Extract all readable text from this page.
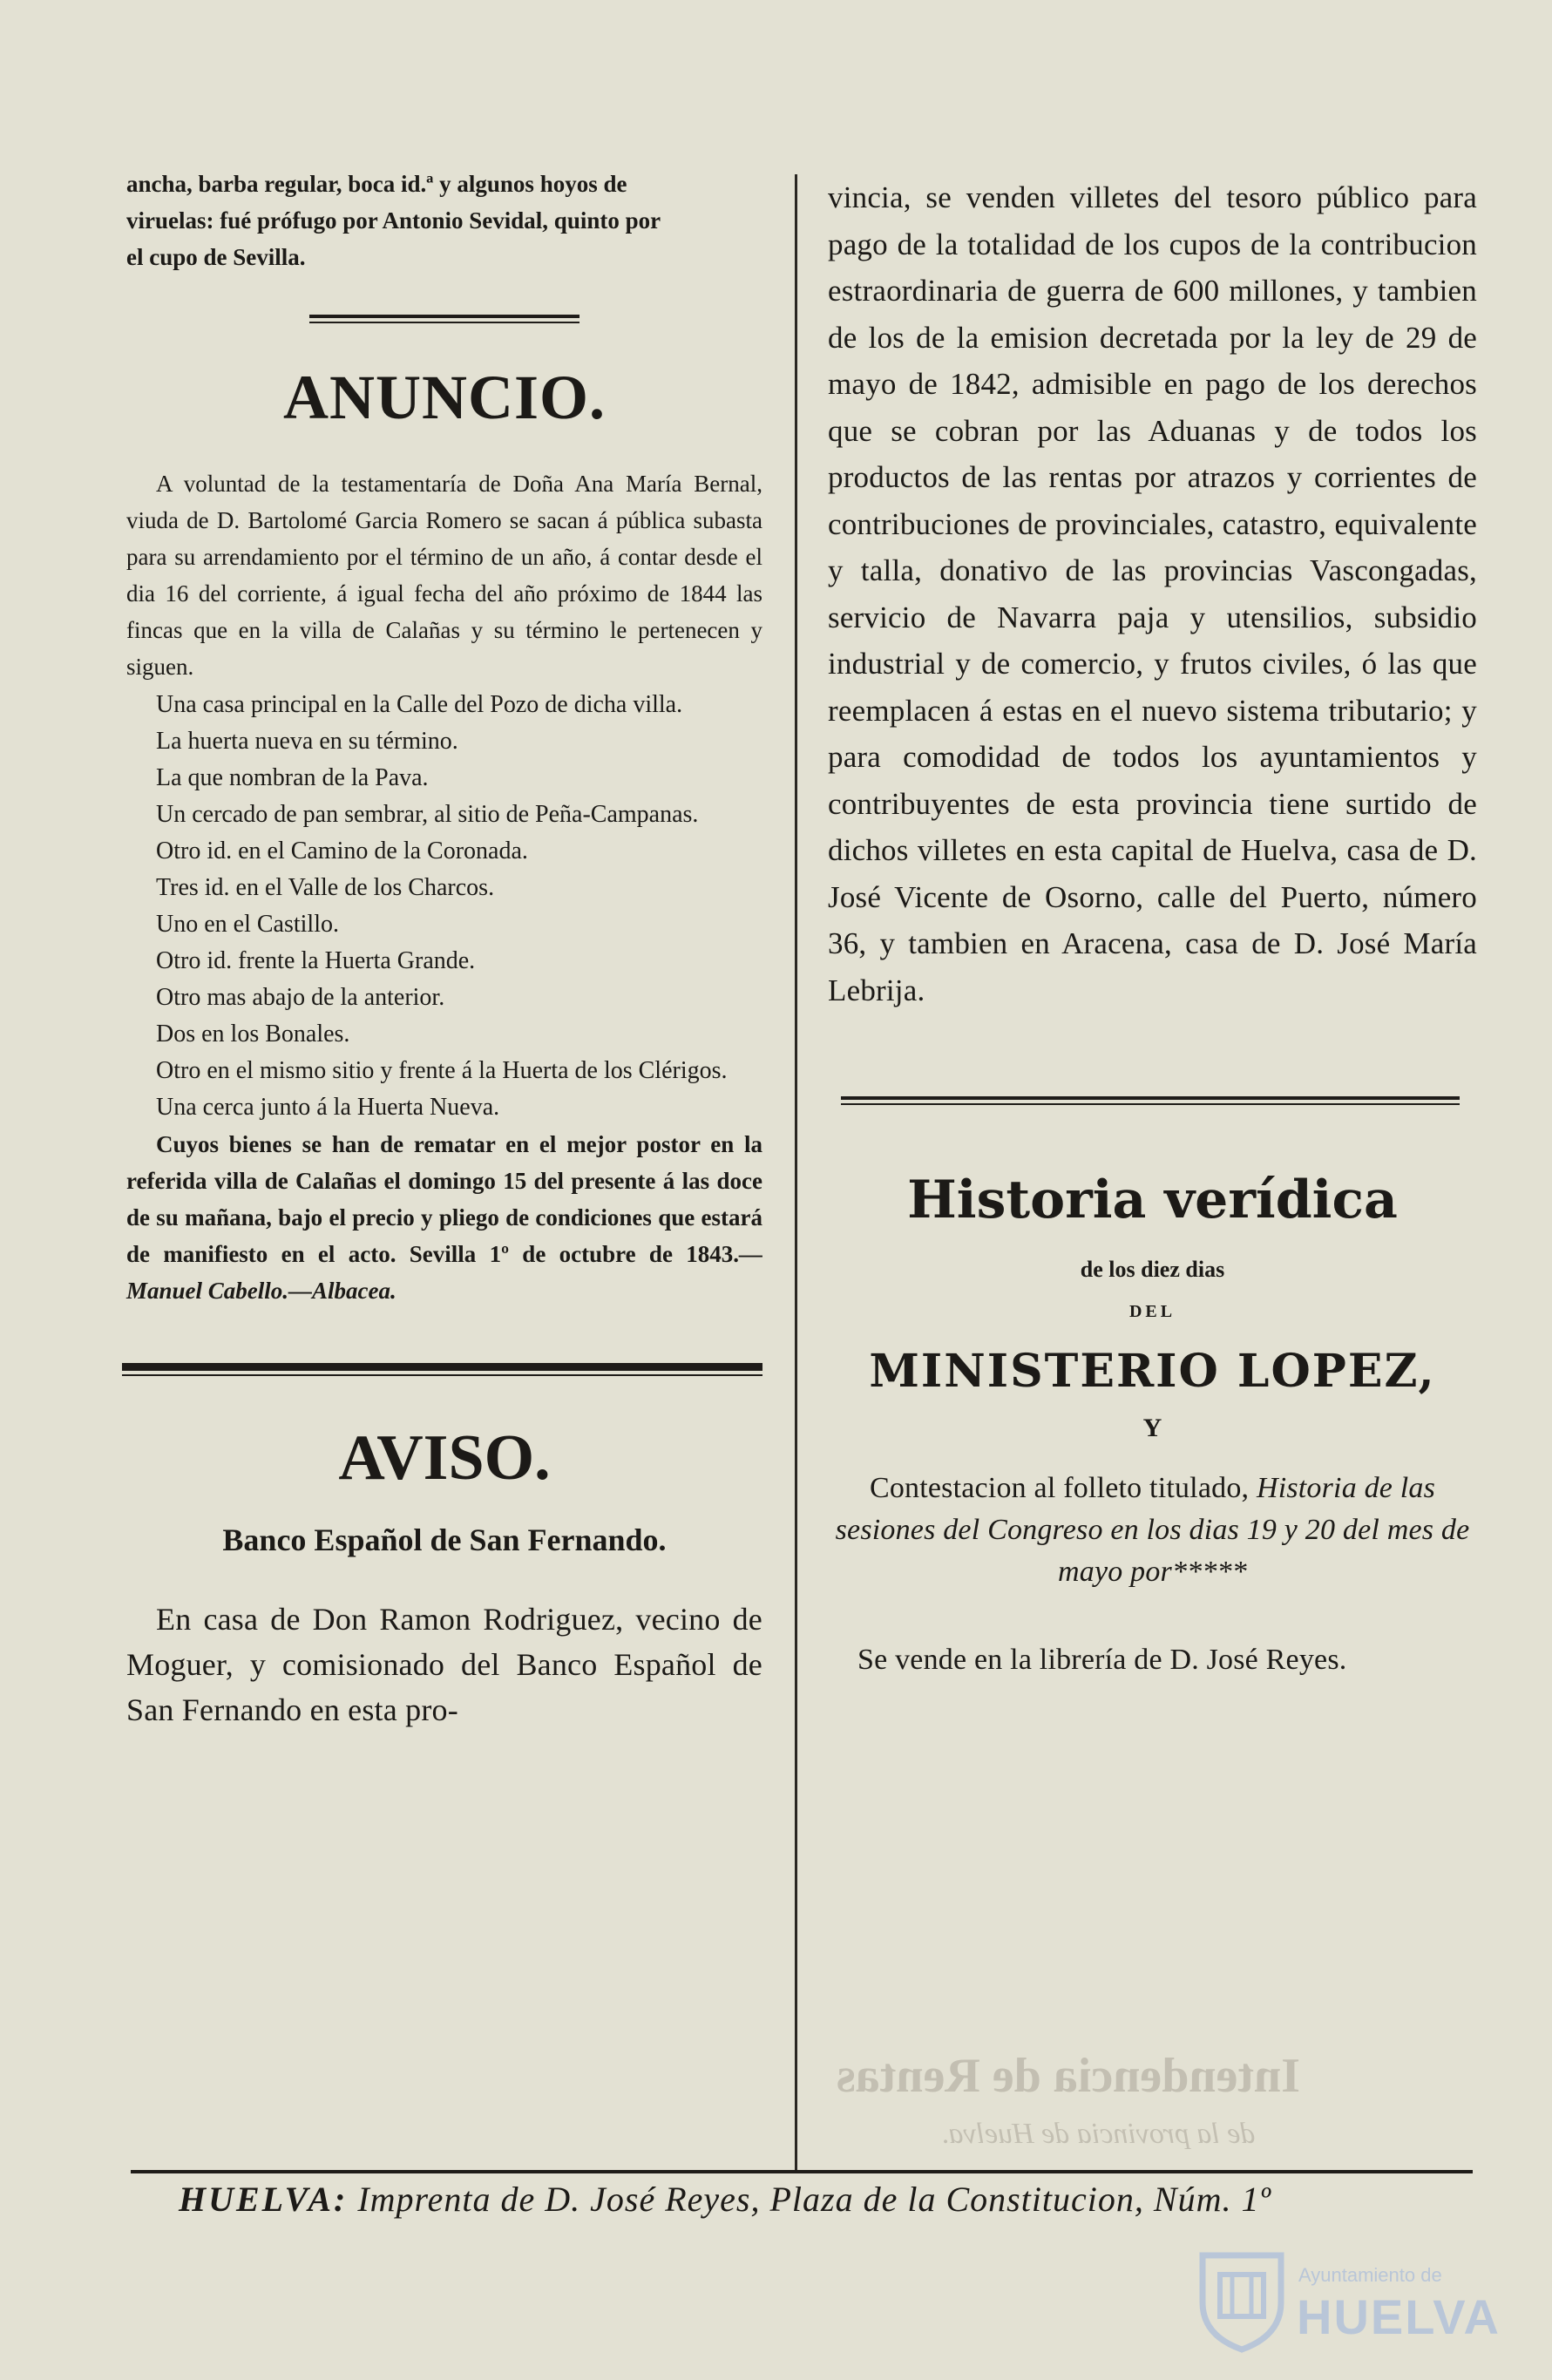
Intendencia de Rentas
de la provincia de Huelva.

ancha, barba regular, boca id.ª y algunos hoyos de

viruelas: fué prófugo por Antonio Sevidal, quinto por

el cupo de Sevilla.

ANUNCIO.

A voluntad de la testamentaría de Doña Ana María Bernal, viuda de D. Bartolomé Garcia Romero se sacan á pública subasta para su arrendamiento por el término de un año, á contar desde el dia 16 del corriente, á igual fecha del año próximo de 1844 las fincas que en la villa de Calañas y su término le pertenecen y siguen.

Una casa principal en la Calle del Pozo de dicha villa.

La huerta nueva en su término.

La que nombran de la Pava.

Un cercado de pan sembrar, al sitio de Peña-Campanas.

Otro id. en el Camino de la Coronada.

Tres id. en el Valle de los Charcos.

Uno en el Castillo.

Otro id. frente la Huerta Grande.

Otro mas abajo de la anterior.

Dos en los Bonales.

Otro en el mismo sitio y frente á la Huerta de los Clérigos.

Una cerca junto á la Huerta Nueva.

Cuyos bienes se han de rematar en el mejor postor en la referida villa de Calañas el domingo 15 del presente á las doce de su mañana, bajo el precio y pliego de condiciones que estará de manifiesto en el acto. Sevilla 1º de octubre de 1843.—Manuel Cabello.—Albacea.

AVISO.
Banco Español de San Fernando.

En casa de Don Ramon Rodriguez, vecino de Moguer, y comisionado del Banco Español de San Fernando en esta pro-

vincia, se venden villetes del tesoro público para pago de la totalidad de los cupos de la contribucion estraordinaria de guerra de 600 millones, y tambien de los de la emision decretada por la ley de 29 de mayo de 1842, admisible en pago de los derechos que se cobran por las Aduanas y de todos los productos de las rentas por atrazos y corrientes de contribuciones de provinciales, catastro, equivalente y talla, donativo de las provincias Vascongadas, servicio de Navarra paja y utensilios, subsidio industrial y de comercio, y frutos civiles, ó las que reemplacen á estas en el nuevo sistema tributario; y para comodidad de todos los ayuntamientos y contribuyentes de esta provincia tiene surtido de dichos villetes en esta capital de Huelva, casa de D. José Vicente de Osorno, calle del Puerto, número 36, y tambien en Aracena, casa de D. José María Lebrija.

Historia verídica

de los diez dias

DEL

MINISTERIO LOPEZ,

Y

Contestacion al folleto titulado, Historia de las sesiones del Congreso en los dias 19 y 20 del mes de mayo por*****

Se vende en la librería de D. José Reyes.

HUELVA: Imprenta de D. José Reyes, Plaza de la Constitucion, Núm. 1º
Ayuntamiento de
HUELVA
